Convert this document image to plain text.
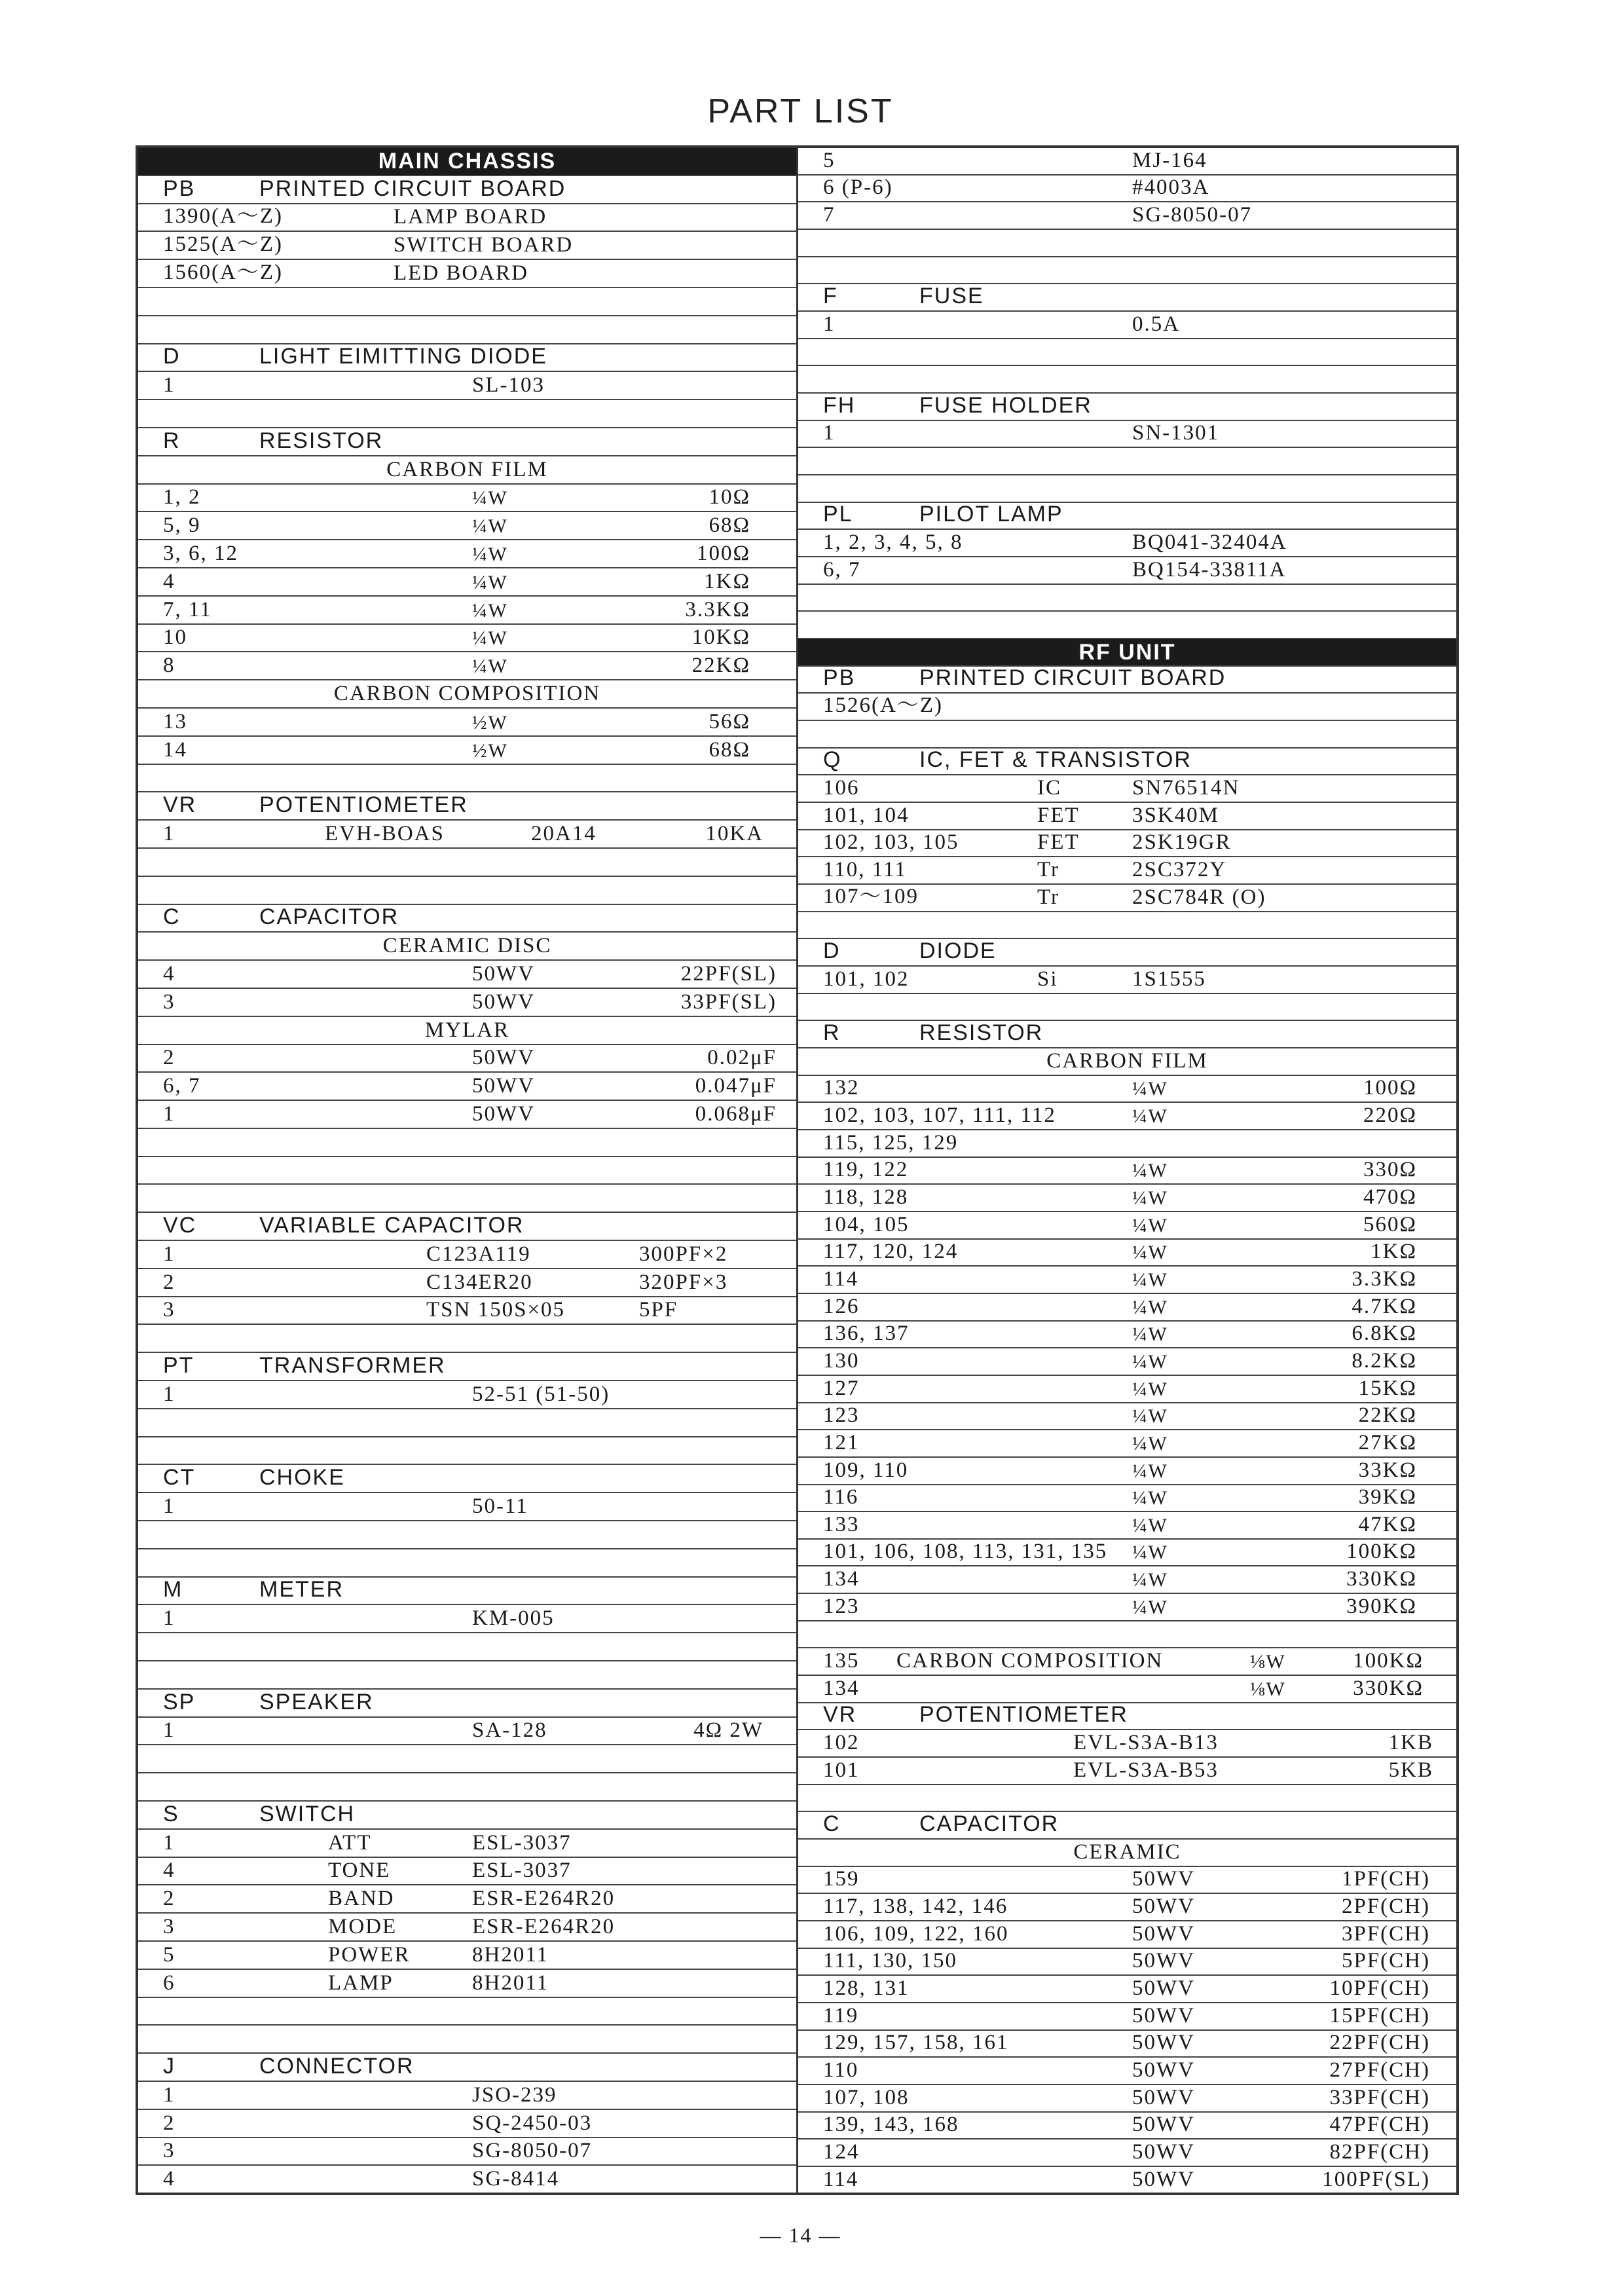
PART LIST
MAIN CHASSIS
PB	PRINTED CIRCUIT BOARD
1390(A〜Z)	LAMP BOARD
1525(A〜Z)	SWITCH BOARD
1560(A〜Z)	LED BOARD
D	LIGHT EIMITTING DIODE
1	SL-103
R	RESISTOR
CARBON FILM
1, 2	¼W	10Ω
5, 9	¼W	68Ω
3, 6, 12	¼W	100Ω
4	¼W	1KΩ
7, 11	¼W	3.3KΩ
10	¼W	10KΩ
8	¼W	22KΩ
CARBON COMPOSITION
13	½W	56Ω
14	½W	68Ω
VR	POTENTIOMETER
1	EVH-BOAS	20A14	10KA
C	CAPACITOR
CERAMIC DISC
4	50WV	22PF(SL)
3	50WV	33PF(SL)
MYLAR
2	50WV	0.02μF
6, 7	50WV	0.047μF
1	50WV	0.068μF
VC	VARIABLE CAPACITOR
1	C123A119	300PF×2
2	C134ER20	320PF×3
3	TSN 150S×05	5PF
PT	TRANSFORMER
1	52-51 (51-50)
CT	CHOKE
1	50-11
M	METER
1	KM-005
SP	SPEAKER
1	SA-128	4Ω 2W
S	SWITCH
1	ATT	ESL-3037
4	TONE	ESL-3037
2	BAND	ESR-E264R20
3	MODE	ESR-E264R20
5	POWER	8H2011
6	LAMP	8H2011
J	CONNECTOR
1	JSO-239
2	SQ-2450-03
3	SG-8050-07
4	SG-8414
5	MJ-164
6 (P-6)	#4003A
7	SG-8050-07
F	FUSE
1	0.5A
FH	FUSE HOLDER
1	SN-1301
PL	PILOT LAMP
1, 2, 3, 4, 5, 8	BQ041-32404A
6, 7	BQ154-33811A
RF UNIT
PB	PRINTED CIRCUIT BOARD
1526(A〜Z)
Q	IC, FET & TRANSISTOR
106	IC	SN76514N
101, 104	FET 3SK40M
102, 103, 105	FET 2SK19GR
110, 111	Tr	2SC372Y
107〜109	Tr	2SC784R (O)
D	DIODE
101, 102	Si	1S1555
R	RESISTOR
CARBON FILM
132	¼W	100Ω
102, 103, 107, 111, 112	¼W	220Ω
115, 125, 129
119, 122	¼W	330Ω
118, 128	¼W	470Ω
104, 105	¼W	560Ω
117, 120, 124	¼W	1KΩ
114	¼W	3.3KΩ
126	¼W	4.7KΩ
136, 137	¼W	6.8KΩ
130	¼W	8.2KΩ
127	¼W	15KΩ
123	¼W	22KΩ
121	¼W	27KΩ
109, 110	¼W	33KΩ
116	¼W	39KΩ
133	¼W	47KΩ
101, 106, 108, 113, 131, 135 ¼W	100KΩ
134	¼W	330KΩ
123	¼W	390KΩ
135 CARBON COMPOSITION	⅛W	100KΩ
134	⅛W	330KΩ
VR	POTENTIOMETER
102	EVL-S3A-B13	1KB
101	EVL-S3A-B53	5KB
C	CAPACITOR
CERAMIC
159	50WV	1PF(CH)
117, 138, 142, 146	50WV	2PF(CH)
106, 109, 122, 160	50WV	3PF(CH)
111, 130, 150	50WV	5PF(CH)
128, 131	50WV	10PF(CH)
119	50WV	15PF(CH)
129, 157, 158, 161	50WV	22PF(CH)
110	50WV	27PF(CH)
107, 108	50WV	33PF(CH)
139, 143, 168	50WV	47PF(CH)
124	50WV	82PF(CH)
114	50WV	100PF(SL)
— 14 —
